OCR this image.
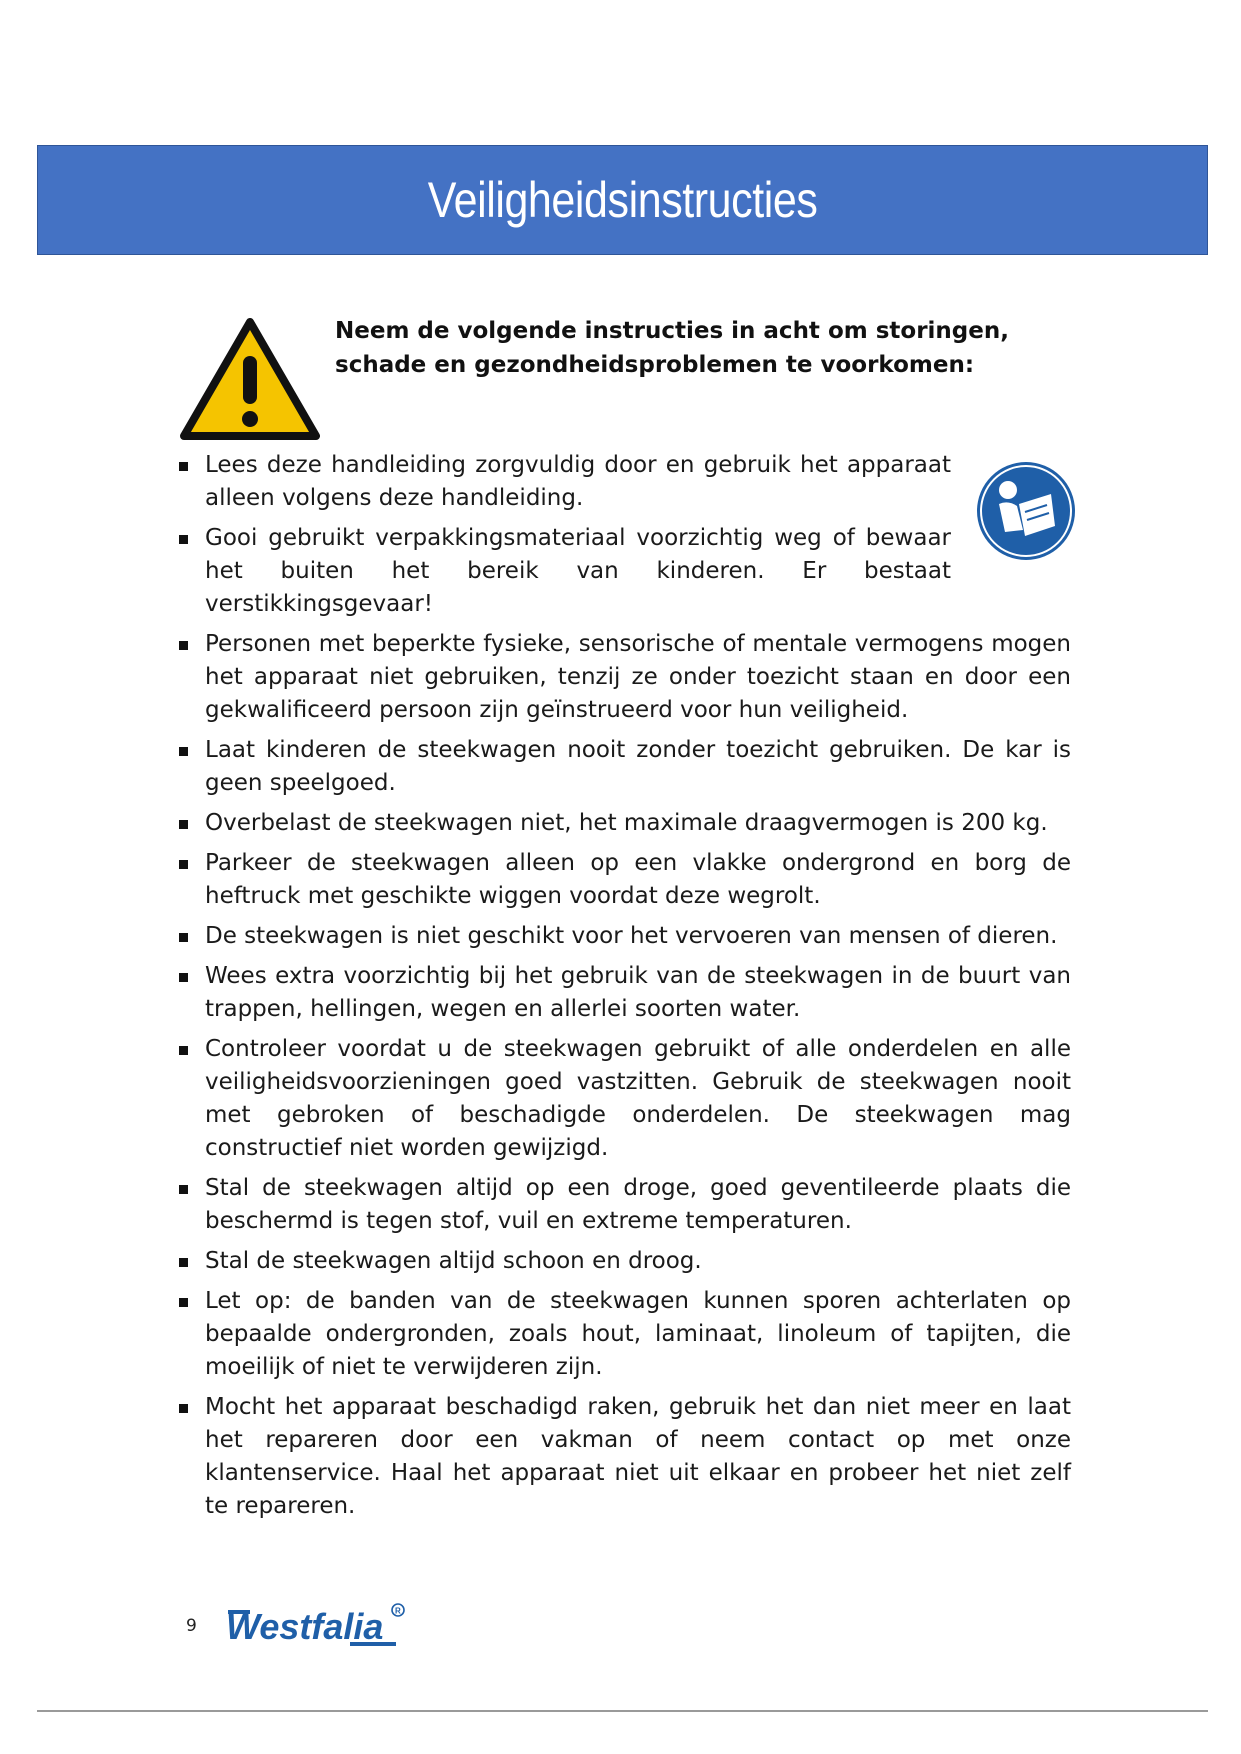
Veiligheidsinstructies
Neem de volgende instructies in acht om storingen, schade en gezondheidsproblemen te voorkomen:
Lees deze handleiding zorgvuldig door en gebruik het apparaat alleen volgens deze handleiding.
Gooi gebruikt verpakkingsmateriaal voorzichtig weg of bewaar het buiten het bereik van kinderen. Er bestaat verstikkingsgevaar!
Personen met beperkte fysieke, sensorische of mentale vermogens mogen het apparaat niet gebruiken, tenzij ze onder toezicht staan en door een gekwalificeerd persoon zijn geïnstrueerd voor hun veiligheid.
Laat kinderen de steekwagen nooit zonder toezicht gebruiken. De kar is geen speelgoed.
Overbelast de steekwagen niet, het maximale draagvermogen is 200 kg.
Parkeer de steekwagen alleen op een vlakke ondergrond en borg de heftruck met geschikte wiggen voordat deze wegrolt.
De steekwagen is niet geschikt voor het vervoeren van mensen of dieren.
Wees extra voorzichtig bij het gebruik van de steekwagen in de buurt van trappen, hellingen, wegen en allerlei soorten water.
Controleer voordat u de steekwagen gebruikt of alle onderdelen en alle veiligheidsvoorzieningen goed vastzitten. Gebruik de steekwagen nooit met gebroken of beschadigde onderdelen. De steekwagen mag constructief niet worden gewijzigd.
Stal de steekwagen altijd op een droge, goed geventileerde plaats die beschermd is tegen stof, vuil en extreme temperaturen.
Stal de steekwagen altijd schoon en droog.
Let op: de banden van de steekwagen kunnen sporen achterlaten op bepaalde ondergronden, zoals hout, laminaat, linoleum of tapijten, die moeilijk of niet te verwijderen zijn.
Mocht het apparaat beschadigd raken, gebruik het dan niet meer en laat het repareren door een vakman of neem contact op met onze klantenservice. Haal het apparaat niet uit elkaar en probeer het niet zelf te repareren.
9 Westfalia R
